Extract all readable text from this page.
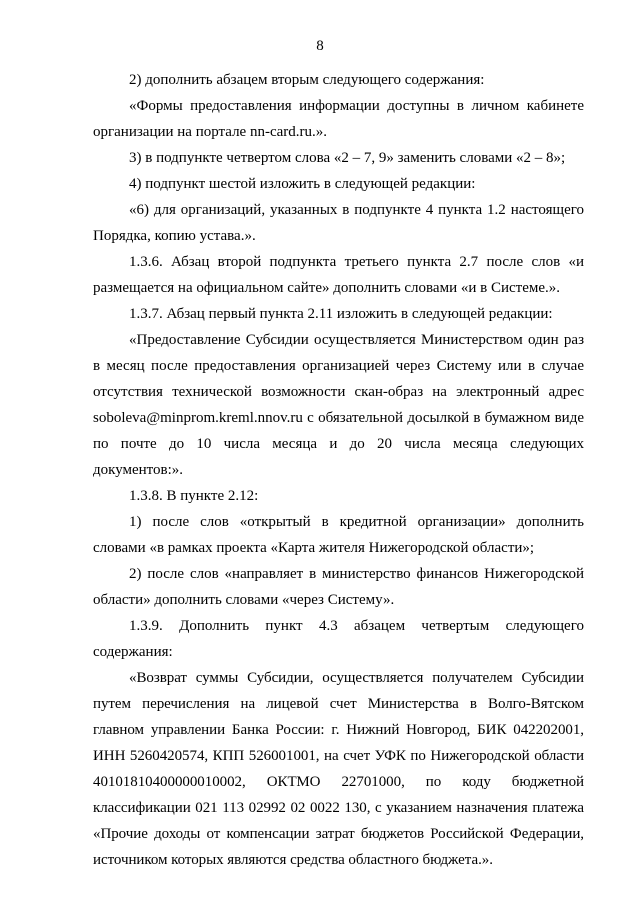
8

2) дополнить абзацем вторым следующего содержания:

«Формы предоставления информации доступны в личном кабинете организации на портале nn-card.ru.».

3) в подпункте четвертом слова «2 – 7, 9» заменить словами «2 – 8»;

4) подпункт шестой изложить в следующей редакции:

«6) для организаций, указанных в подпункте 4 пункта 1.2 настоящего Порядка, копию устава.».

1.3.6. Абзац второй подпункта третьего пункта 2.7 после слов «и размещается на официальном сайте» дополнить словами «и в Системе.».

1.3.7. Абзац первый пункта 2.11 изложить в следующей редакции:

«Предоставление Субсидии осуществляется Министерством один раз в месяц после предоставления организацией через Систему или в случае отсутствия технической возможности скан-образ на электронный адрес soboleva@minprom.kreml.nnov.ru с обязательной досылкой в бумажном виде по почте до 10 числа месяца и до 20 числа месяца следующих документов:».

1.3.8. В пункте 2.12:

1) после слов «открытый в кредитной организации» дополнить словами «в рамках проекта «Карта жителя Нижегородской области»;

2) после слов «направляет в министерство финансов Нижегородской области» дополнить словами «через Систему».

1.3.9. Дополнить пункт 4.3 абзацем четвертым следующего содержания:

«Возврат суммы Субсидии, осуществляется получателем Субсидии путем перечисления на лицевой счет Министерства в Волго-Вятском главном управлении Банка России: г. Нижний Новгород, БИК 042202001, ИНН 5260420574, КПП 526001001, на счет УФК по Нижегородской области 40101810400000010002, ОКТМО 22701000, по коду бюджетной классификации 021 113 02992 02 0022 130, с указанием назначения платежа «Прочие доходы от компенсации затрат бюджетов Российской Федерации, источником которых являются средства областного бюджета.».
